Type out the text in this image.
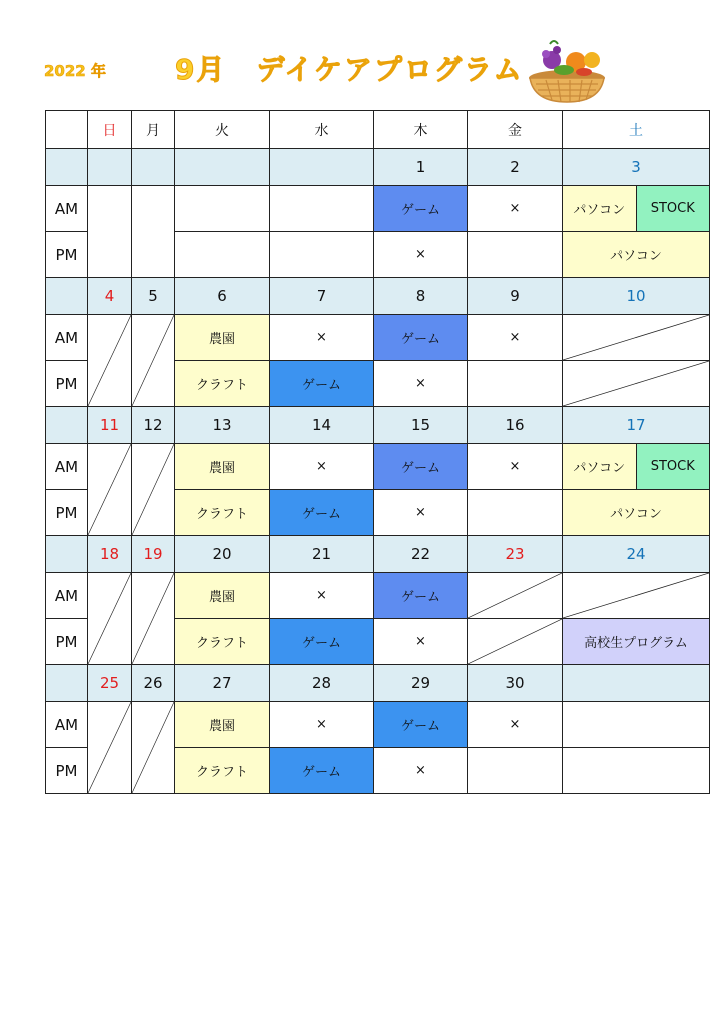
2022 年 9月　デイケアプログラム
	日	月	火	水	木	金	土
					1	2	3
AM					ゲーム	×	パソコン STOCK

PM					×		パソコン
	4	5	6	7	8	9	10
AM			農園	×	ゲーム	×	

PM			クラフト	ゲーム	×		

	11	12	13	14	15	16	17
AM			農園	×	ゲーム	×	パソコン STOCK

PM			クラフト	ゲーム	×		パソコン
	18	19	20	21	22	23	24
AM			農園	×	ゲーム	

PM			クラフト	ゲーム	×		高校生プログラム
	25	26	27	28	29	30	
AM			農園	×	ゲーム	×	
PM			クラフト	ゲーム	×		
